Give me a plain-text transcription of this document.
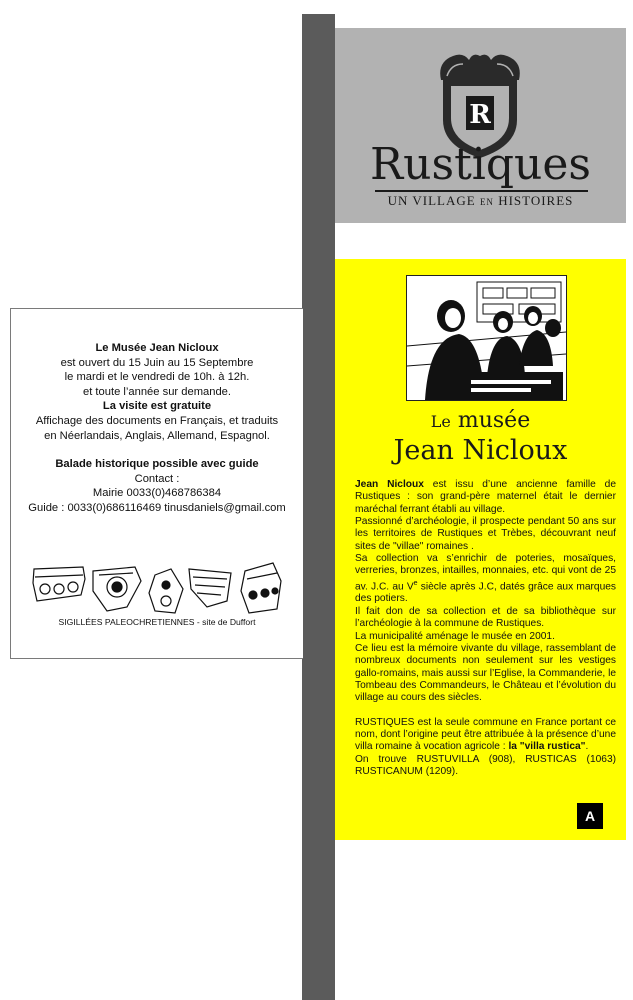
R
Rustiques
UN VILLAGE EN HISTOIRES
Le Musée Jean Nicloux
est ouvert du 15 Juin au 15 Septembre
le mardi et le vendredi de 10h. à 12h.
et toute l’année sur demande.
La visite est gratuite
Affichage des documents en Français, et traduits
en Néerlandais, Anglais, Allemand, Espagnol.
Balade historique possible avec guide
Contact :
Mairie 0033(0)468786384
Guide : 0033(0)686116469 tinusdaniels@gmail.com
SIGILLÉES PALEOCHRETIENNES - site de Duffort
Le musée
Jean Nicloux

Jean Nicloux est issu d’une ancienne famille de Rustiques : son grand-père maternel était le dernier maréchal ferrant établi au village.

Passionné d’archéologie, il prospecte pendant 50 ans sur les territoires de Rustiques et Trèbes, découvrant neuf sites de "villae" romaines .

Sa collection va s’enrichir de poteries, mosaïques, verreries, bronzes, intailles, monnaies, etc. qui vont de 25 av. J.C. au Ve siècle après J.C, datés grâce aux marques des potiers.

Il fait don de sa collection et de sa bibliothèque sur l’archéologie à la commune de Rustiques.

La municipalité aménage le musée en 2001.

Ce lieu est la mémoire vivante du village, rassemblant de nombreux documents non seulement sur les vestiges gallo-romains, mais aussi sur l’Eglise, la Commanderie, le Tombeau des Commandeurs, le Château et l’évolution du village au cours des siècles.

RUSTIQUES est la seule commune en France portant ce nom, dont l’origine peut être attribuée à la présence d’une villa romaine à vocation agricole : la "villa rustica".

On trouve RUSTUVILLA (908), RUSTICAS (1063) RUSTICANUM (1209).

A
